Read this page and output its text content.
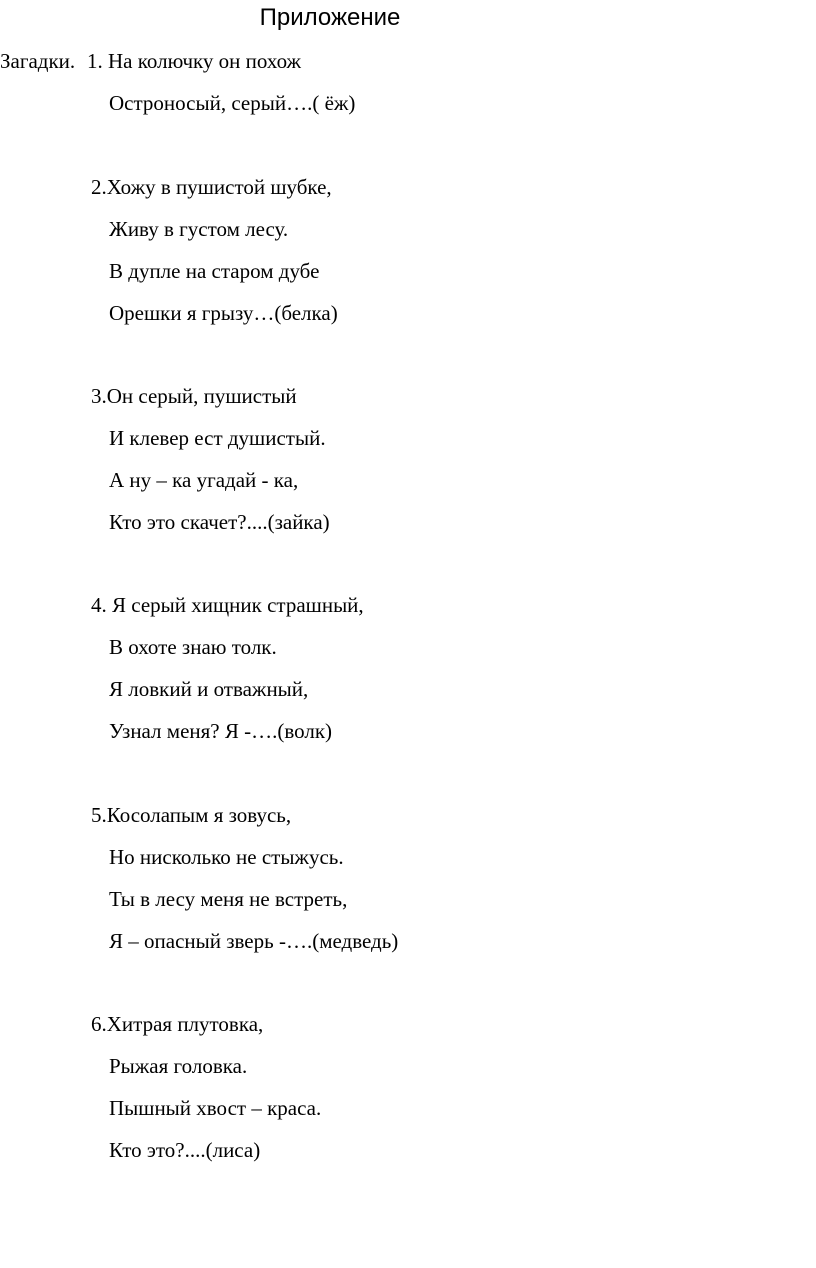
Приложение
Загадки. 1. На колючку он похож
Остроносый, серый….( ёж)
2.Хожу в пушистой шубке,
Живу в густом лесу.
В дупле на старом дубе
Орешки я грызу…(белка)
3.Он серый, пушистый
И клевер ест душистый.
А ну – ка угадай - ка,
Кто это скачет?....(зайка)
4. Я серый хищник страшный,
В охоте знаю толк.
Я ловкий и отважный,
Узнал меня? Я -….(волк)
5.Косолапым я зовусь,
Но нисколько не стыжусь.
Ты в лесу меня не встреть,
Я – опасный зверь -….(медведь)
6.Хитрая плутовка,
Рыжая головка.
Пышный хвост – краса.
Кто это?....(лиса)
